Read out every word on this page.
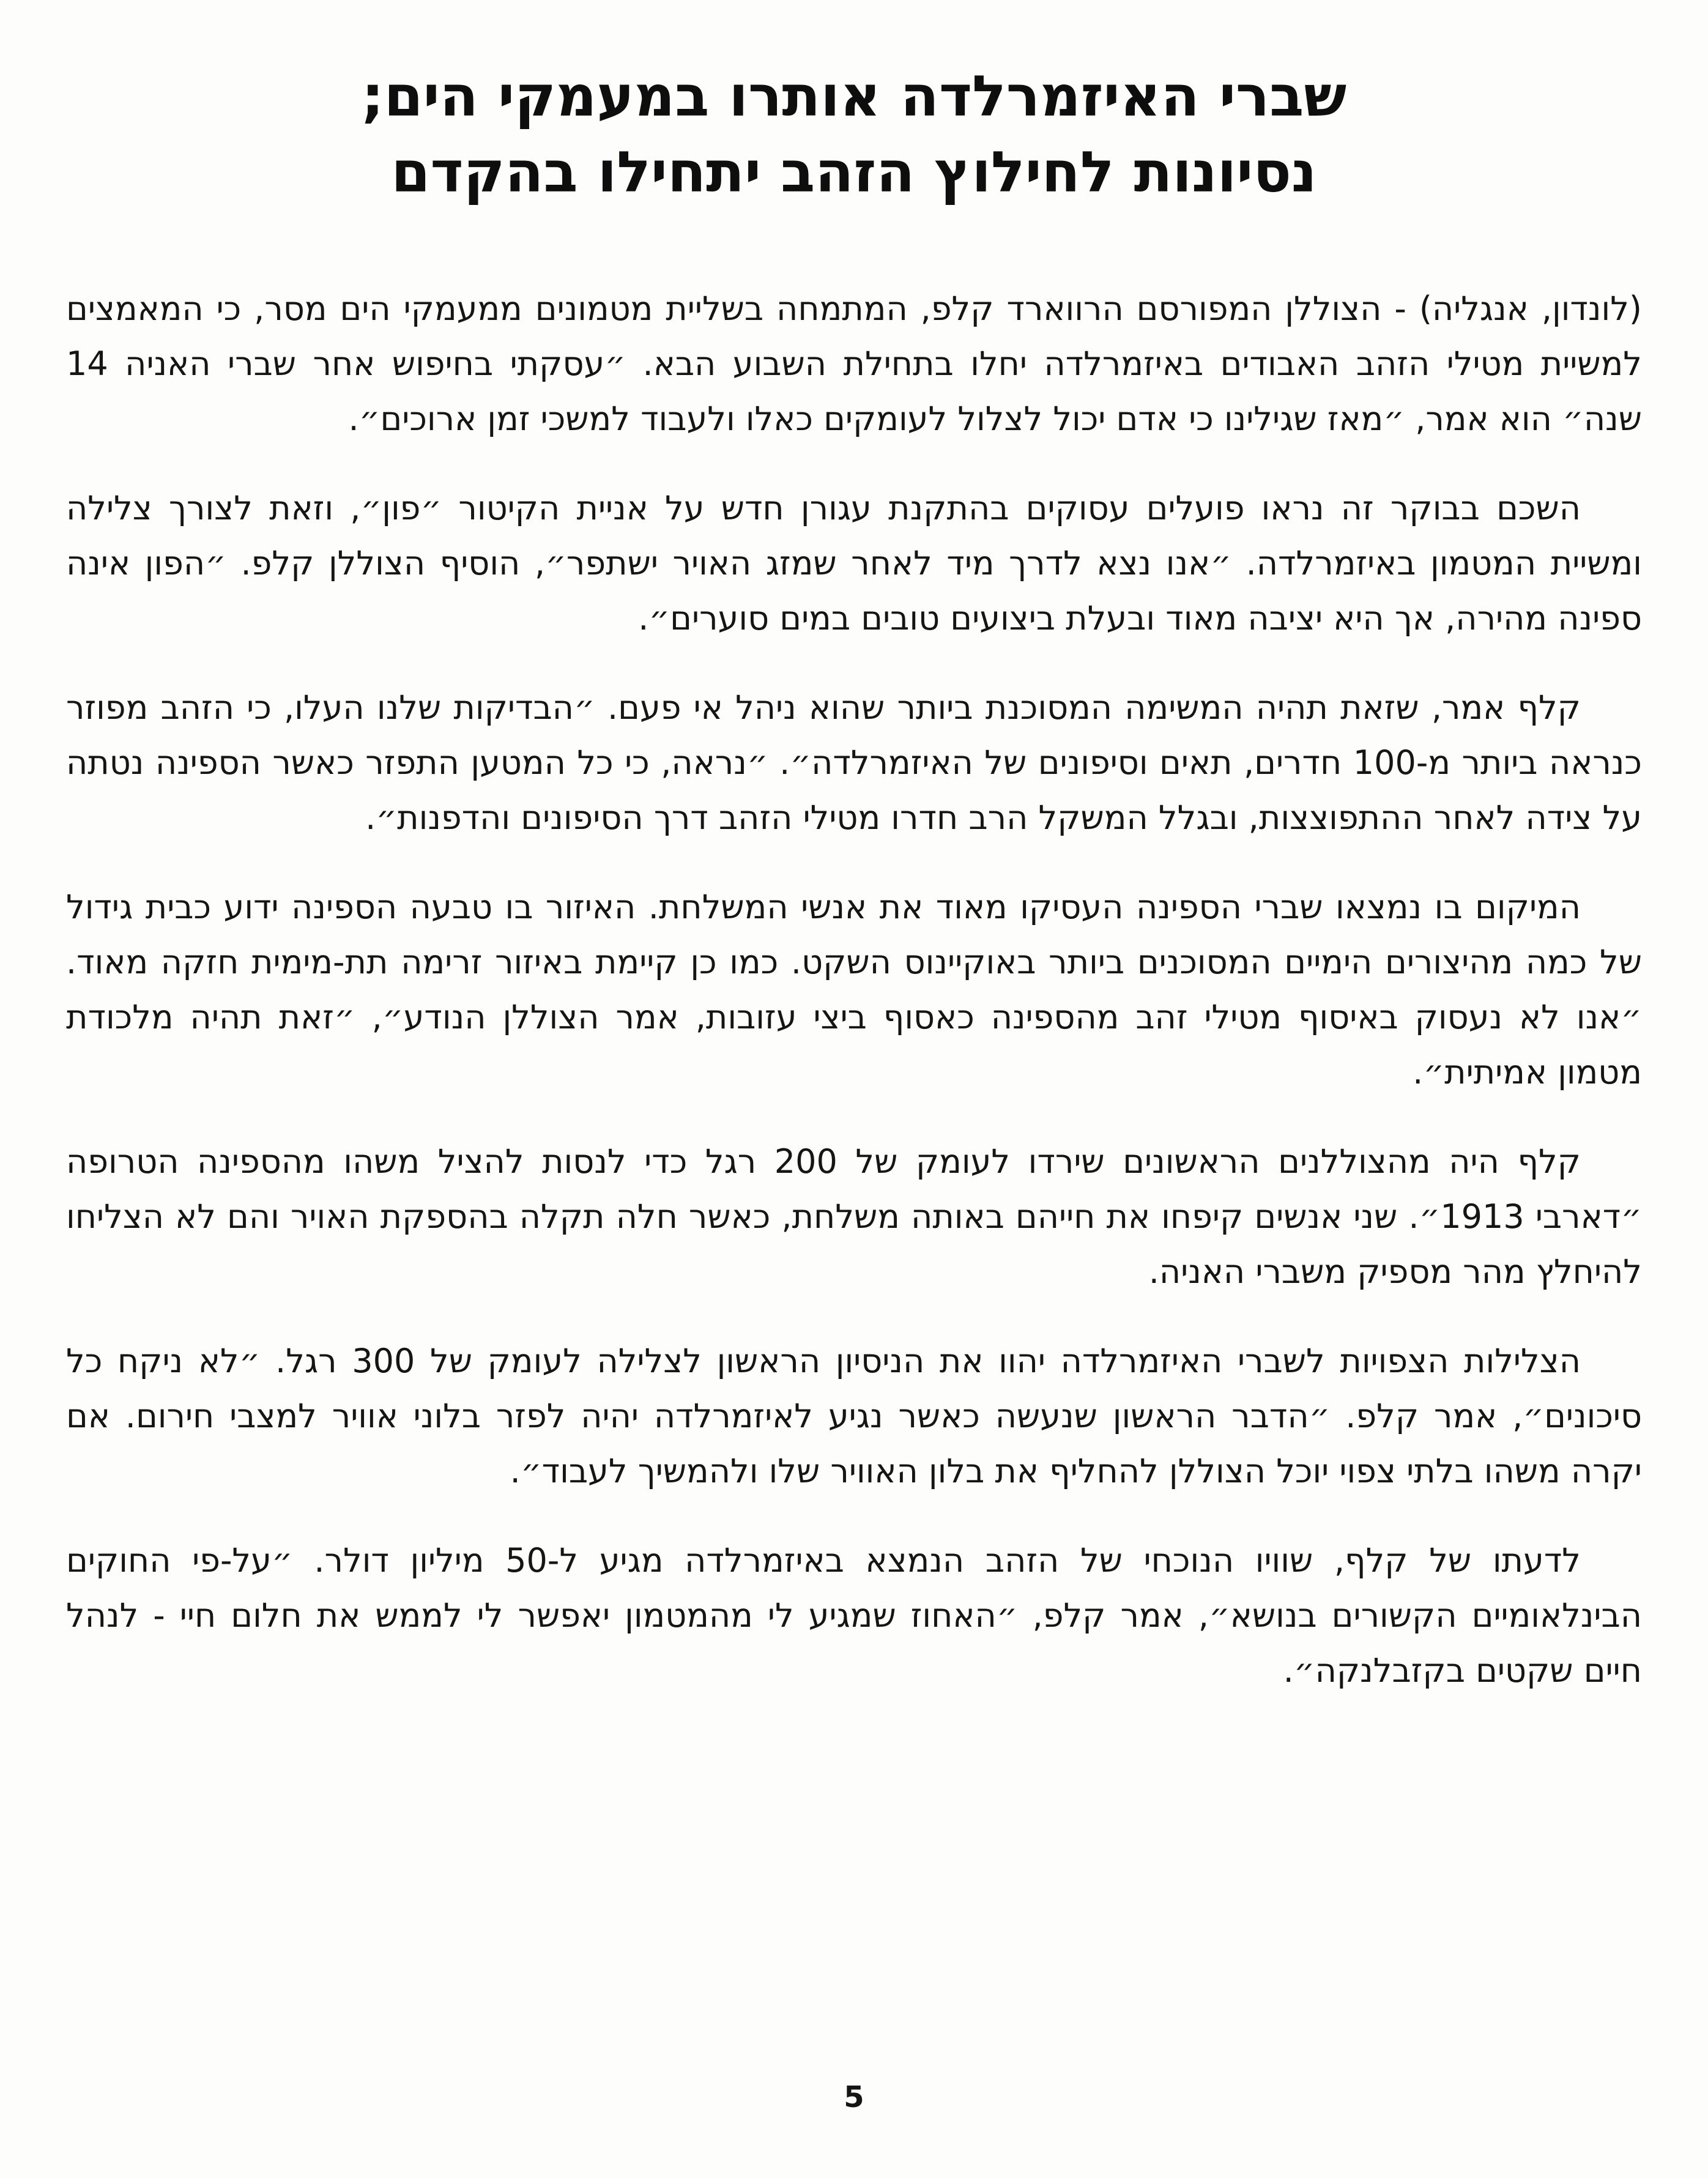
שברי האיזמרלדה אותרו במעמקי הים;
נסיונות לחילוץ הזהב יתחילו בהקדם

(לונדון, אנגליה) - הצוללן המפורסם הרווארד קלפ, המתמחה בשליית מטמונים ממעמקי הים מסר, כי המאמצים למשיית מטילי הזהב האבודים באיזמרלדה יחלו בתחילת השבוע הבא. ״עסקתי בחיפוש אחר שברי האניה 14 שנה״ הוא אמר, ״מאז שגילינו כי אדם יכול לצלול לעומקים כאלו ולעבוד למשכי זמן ארוכים״.

השכם בבוקר זה נראו פועלים עסוקים בהתקנת עגורן חדש על אניית הקיטור ״פון״, וזאת לצורך צלילה ומשיית המטמון באיזמרלדה. ״אנו נצא לדרך מיד לאחר שמזג האויר ישתפר״, הוסיף הצוללן קלפ. ״הפון אינה ספינה מהירה, אך היא יציבה מאוד ובעלת ביצועים טובים במים סוערים״.

קלף אמר, שזאת תהיה המשימה המסוכנת ביותר שהוא ניהל אי פעם. ״הבדיקות שלנו העלו, כי הזהב מפוזר כנראה ביותר מ-100 חדרים, תאים וסיפונים של האיזמרלדה״. ״נראה, כי כל המטען התפזר כאשר הספינה נטתה על צידה לאחר ההתפוצצות, ובגלל המשקל הרב חדרו מטילי הזהב דרך הסיפונים והדפנות״.

המיקום בו נמצאו שברי הספינה העסיקו מאוד את אנשי המשלחת. האיזור בו טבעה הספינה ידוע כבית גידול של כמה מהיצורים הימיים המסוכנים ביותר באוקיינוס השקט. כמו כן קיימת באיזור זרימה תת-מימית חזקה מאוד. ״אנו לא נעסוק באיסוף מטילי זהב מהספינה כאסוף ביצי עזובות, אמר הצוללן הנודע״, ״זאת תהיה מלכודת מטמון אמיתית״.

קלף היה מהצוללנים הראשונים שירדו לעומק של 200 רגל כדי לנסות להציל משהו מהספינה הטרופה ״דארבי 1913״. שני אנשים קיפחו את חייהם באותה משלחת, כאשר חלה תקלה בהספקת האויר והם לא הצליחו להיחלץ מהר מספיק משברי האניה.

הצלילות הצפויות לשברי האיזמרלדה יהוו את הניסיון הראשון לצלילה לעומק של 300 רגל. ״לא ניקח כל סיכונים״, אמר קלפ. ״הדבר הראשון שנעשה כאשר נגיע לאיזמרלדה יהיה לפזר בלוני אוויר למצבי חירום. אם יקרה משהו בלתי צפוי יוכל הצוללן להחליף את בלון האוויר שלו ולהמשיך לעבוד״.

לדעתו של קלף, שוויו הנוכחי של הזהב הנמצא באיזמרלדה מגיע ל-50 מיליון דולר. ״על-פי החוקים הבינלאומיים הקשורים בנושא״, אמר קלפ, ״האחוז שמגיע לי מהמטמון יאפשר לי לממש את חלום חיי - לנהל חיים שקטים בקזבלנקה״.

5
